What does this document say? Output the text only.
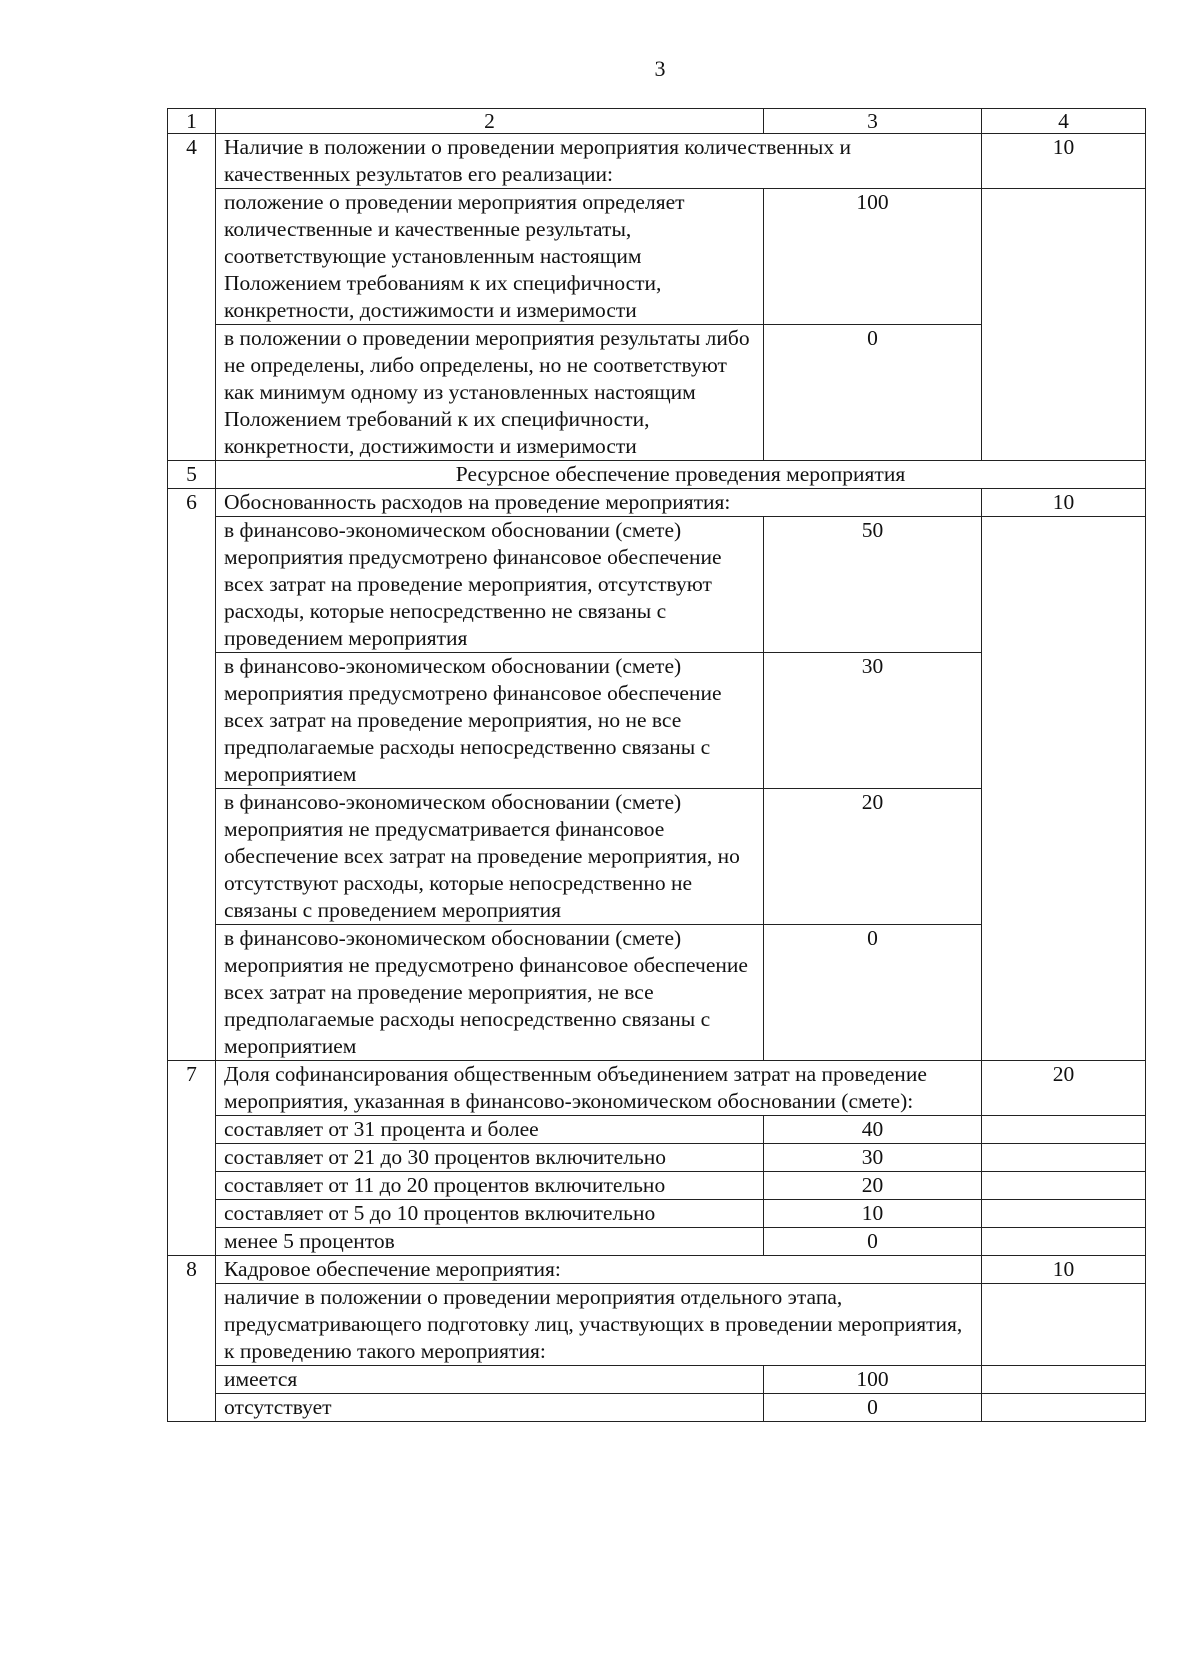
3
1	2	3	4
4	Наличие в положении о проведении мероприятия количественных и качественных результатов его реализации:		10
	положение о проведении мероприятия определяет количественные и качественные результаты, соответствующие установленным настоящим Положением требованиям к их специфичности, конкретности, достижимости и измеримости	100	
	в положении о проведении мероприятия результаты либо не определены, либо определены, но не соответствуют как минимум одному из установленных настоящим Положением требований к их специфичности, конкретности, достижимости и измеримости	0	
5	Ресурсное обеспечение проведения мероприятия		
6	Обоснованность расходов на проведение мероприятия:		10
	в финансово-экономическом обосновании (смете) мероприятия предусмотрено финансовое обеспечение всех затрат на проведение мероприятия, отсутствуют расходы, которые непосредственно не связаны с проведением мероприятия	50	
	в финансово-экономическом обосновании (смете) мероприятия предусмотрено финансовое обеспечение всех затрат на проведение мероприятия, но не все предполагаемые расходы непосредственно связаны с мероприятием	30	
	в финансово-экономическом обосновании (смете) мероприятия не предусматривается финансовое обеспечение всех затрат на проведение мероприятия, но отсутствуют расходы, которые непосредственно не связаны с проведением мероприятия	20	
	в финансово-экономическом обосновании (смете) мероприятия не предусмотрено финансовое обеспечение всех затрат на проведение мероприятия, не все предполагаемые расходы непосредственно связаны с мероприятием	0	
7	Доля софинансирования общественным объединением затрат на проведение мероприятия, указанная в финансово-экономическом обосновании (смете):		20
	составляет от 31 процента и более	40	
	составляет от 21 до 30 процентов включительно	30	
	составляет от 11 до 20 процентов включительно	20	
	составляет от 5 до 10 процентов включительно	10	
	менее 5 процентов	0	
8	Кадровое обеспечение мероприятия:		10
	наличие в положении о проведении мероприятия отдельного этапа, предусматривающего подготовку лиц, участвующих в проведении мероприятия, к проведению такого мероприятия:		
	имеется	100	
	отсутствует	0	
